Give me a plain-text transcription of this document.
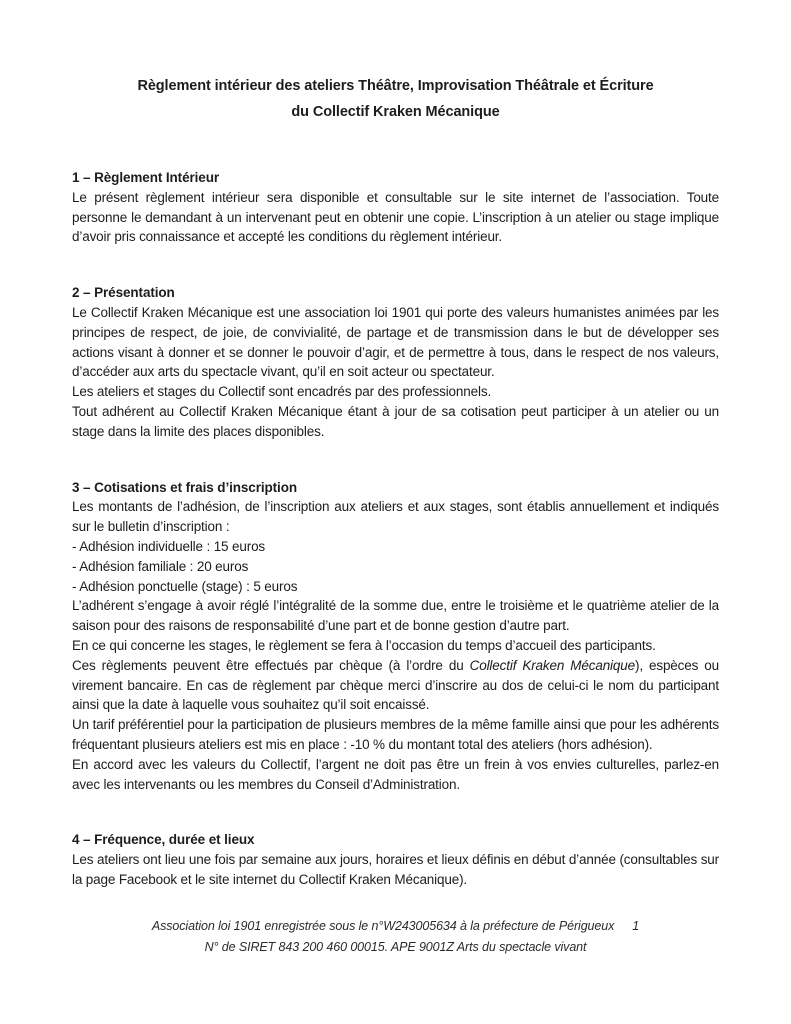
Règlement intérieur des ateliers Théâtre, Improvisation Théâtrale et Écriture
du Collectif Kraken Mécanique
1 – Règlement Intérieur

Le présent règlement intérieur sera disponible et consultable sur le site internet de l’association. Toute personne le demandant à un intervenant peut en obtenir une copie. L’inscription à un atelier ou stage implique d’avoir pris connaissance et accepté les conditions du règlement intérieur.

2 – Présentation

Le Collectif Kraken Mécanique est une association loi 1901 qui porte des valeurs humanistes animées par les principes de respect, de joie, de convivialité, de partage et de transmission dans le but de développer ses actions visant à donner et se donner le pouvoir d’agir, et de permettre à tous, dans le respect de nos valeurs, d’accéder aux arts du spectacle vivant, qu’il en soit acteur ou spectateur.

Les ateliers et stages du Collectif sont encadrés par des professionnels.

Tout adhérent au Collectif Kraken Mécanique étant à jour de sa cotisation peut participer à un atelier ou un stage dans la limite des places disponibles.

3 – Cotisations et frais d’inscription

Les montants de l’adhésion, de l’inscription aux ateliers et aux stages, sont établis annuellement et indiqués sur le bulletin d’inscription :

- Adhésion individuelle : 15 euros

- Adhésion familiale : 20 euros

- Adhésion ponctuelle (stage) : 5 euros

L’adhérent s’engage à avoir réglé l’intégralité de la somme due, entre le troisième et le quatrième atelier de la saison pour des raisons de responsabilité d’une part et de bonne gestion d’autre part.

En ce qui concerne les stages, le règlement se fera à l’occasion du temps d’accueil des participants.

Ces règlements peuvent être effectués par chèque (à l’ordre du Collectif Kraken Mécanique), espèces ou virement bancaire. En cas de règlement par chèque merci d’inscrire au dos de celui-ci le nom du participant ainsi que la date à laquelle vous souhaitez qu’il soit encaissé.

Un tarif préférentiel pour la participation de plusieurs membres de la même famille ainsi que pour les adhérents fréquentant plusieurs ateliers est mis en place : -10 % du montant total des ateliers (hors adhésion).

En accord avec les valeurs du Collectif, l’argent ne doit pas être un frein à vos envies culturelles, parlez-en avec les intervenants ou les membres du Conseil d’Administration.

4 – Fréquence, durée et lieux

Les ateliers ont lieu une fois par semaine aux jours, horaires et lieux définis en début d’année (consultables sur la page Facebook et le site internet du Collectif Kraken Mécanique).

Association loi 1901 enregistrée sous le n°W243005634 à la préfecture de Périgueux 1
N° de SIRET 843 200 460 00015. APE 9001Z Arts du spectacle vivant
